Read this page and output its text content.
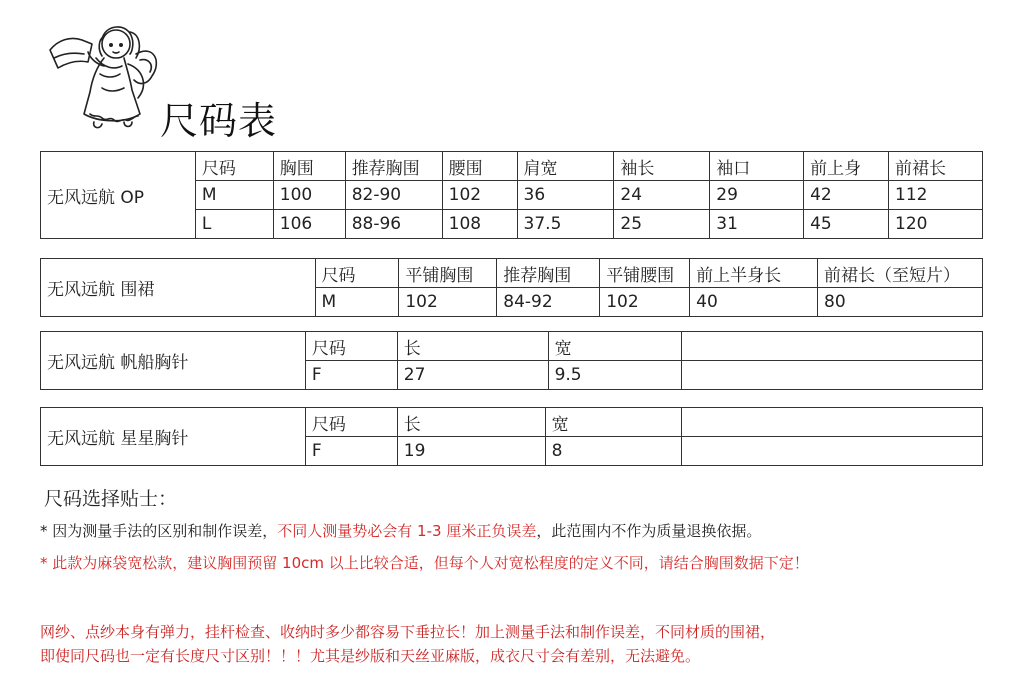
尺码表
无风远航 OP	尺码	胸围	推荐胸围	腰围	肩宽	袖长	袖口	前上身	前裙长
	M	100	82-90	102	36	24	29	42	112
	L	106	88-96	108	37.5	25	31	45	120
无风远航 围裙	尺码	平铺胸围	推荐胸围	平铺腰围	前上半身长	前裙长（至短片）
	M	102	84-92	102	40	80
无风远航 帆船胸针	尺码	长	宽	
	F	27	9.5	
无风远航 星星胸针	尺码	长	宽	
	F	19	8	
尺码选择贴士：
* 因为测量手法的区别和制作误差，不同人测量势必会有 1-3 厘米正负误差，此范围内不作为质量退换依据。
* 此款为麻袋宽松款，建议胸围预留 10cm 以上比较合适，但每个人对宽松程度的定义不同，请结合胸围数据下定！
网纱、点纱本身有弹力，挂杆检查、收纳时多少都容易下垂拉长！加上测量手法和制作误差，不同材质的围裙，
即使同尺码也一定有长度尺寸区别！！！尤其是纱版和天丝亚麻版，成衣尺寸会有差别，无法避免。
